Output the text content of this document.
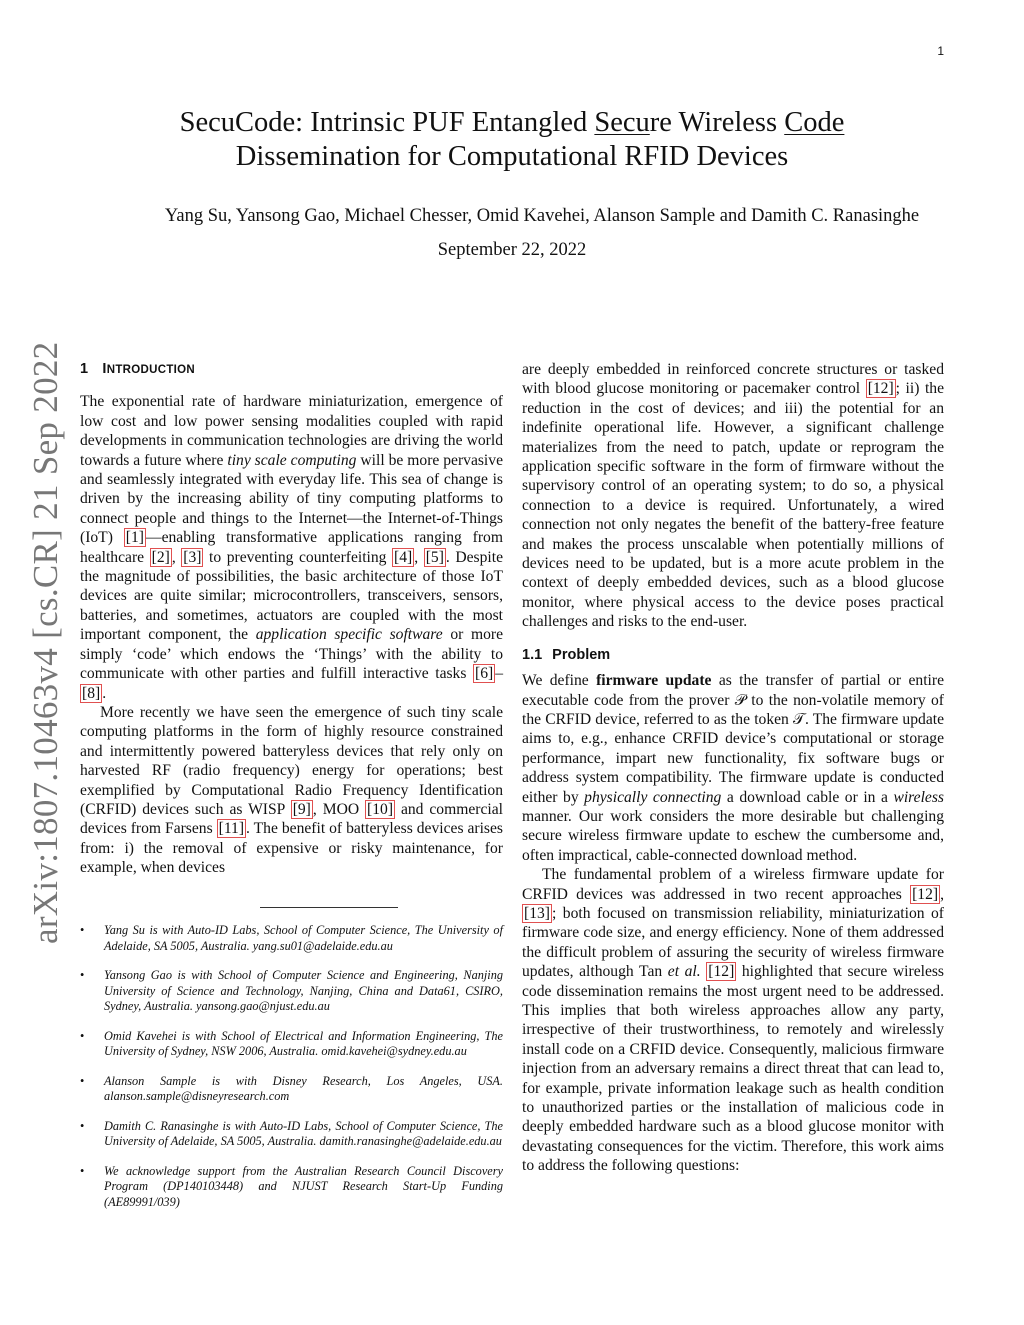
1
SecuCode: Intrinsic PUF Entangled Secure Wireless Code
Dissemination for Computational RFID Devices
Yang Su, Yansong Gao, Michael Chesser, Omid Kavehei, Alanson Sample and Damith C. Ranasinghe
September 22, 2022
arXiv:1807.10463v4 [cs.CR] 21 Sep 2022 1 INTRODUCTION

The exponential rate of hardware miniaturization, emergence of low cost and low power sensing modalities coupled with rapid developments in communication technologies are driving the world towards a future where tiny scale computing will be more pervasive and seamlessly integrated with everyday life. This sea of change is driven by the increasing ability of tiny computing platforms to connect people and things to the Internet—the Internet-of-Things (IoT) [1] —enabling transformative applications ranging from healthcare [2] , [3] to preventing counterfeiting [4] , [5] . Despite the magnitude of possibilities, the basic architecture of those IoT devices are quite similar; microcontrollers, transceivers, sensors, batteries, and sometimes, actuators are coupled with the most important component, the application specific software or more simply ‘code’ which endows the ‘Things’ with the ability to communicate with other parties and fulfill interactive tasks [6] –[8] .

More recently we have seen the emergence of such tiny scale computing platforms in the form of highly resource constrained and intermittently powered batteryless devices that rely only on harvested RF (radio frequency) energy for operations; best exemplified by Computational Radio Frequency Identification (CRFID) devices such as WISP [9] , MOO [10] and commercial devices from Farsens [11] . The benefit of batteryless devices arises from: i) the removal of expensive or risky maintenance, for example, when devices

are deeply embedded in reinforced concrete structures or tasked with blood glucose monitoring or pacemaker control [12] ; ii) the reduction in the cost of devices; and iii) the potential for an indefinite operational life. However, a significant challenge materializes from the need to patch, update or reprogram the application specific software in the form of firmware without the supervisory control of an operating system; to do so, a physical connection to a device is required. Unfortunately, a wired connection not only negates the benefit of the battery-free feature and makes the process unscalable when potentially millions of devices need to be updated, but is a more acute problem in the context of deeply embedded devices, such as a blood glucose monitor, where physical access to the device poses practical challenges and risks to the end-user.

1.1 Problem

We define firmware update as the transfer of partial or entire executable code from the prover 𝒫 to the non-volatile memory of the CRFID device, referred to as the token 𝒯. The firmware update aims to, e.g., enhance CRFID device’s computational or storage performance, impart new functionality, fix software bugs or address system compatibility. The firmware update is conducted either by physically connecting a download cable or in a wireless manner. Our work considers the more desirable but challenging secure wireless firmware update to eschew the cumbersome and, often impractical, cable-connected download method.

The fundamental problem of a wireless firmware update for CRFID devices was addressed in two recent approaches [12] , [13] ; both focused on transmission reliability, miniaturization of firmware code size, and energy efficiency. None of them addressed the difficult problem of assuring the security of wireless firmware updates, although Tan et al. [12] highlighted that secure wireless code dissemination remains the most urgent need to be addressed. This implies that both wireless approaches allow any party, irrespective of their trustworthiness, to remotely and wirelessly install code on a CRFID device. Consequently, malicious firmware injection from an adversary remains a direct threat that can lead to, for example, private information leakage such as health condition to unauthorized parties or the installation of malicious code in deeply embedded hardware such as a blood glucose monitor with devastating consequences for the victim. Therefore, this work aims to address the following questions:

• Yang Su is with Auto-ID Labs, School of Computer Science, The University of Adelaide, SA 5005, Australia. yang.su01@adelaide.edu.au
• Yansong Gao is with School of Computer Science and Engineering, Nanjing University of Science and Technology, Nanjing, China and Data61, CSIRO, Sydney, Australia. yansong.gao@njust.edu.au
• Omid Kavehei is with School of Electrical and Information Engineering, The University of Sydney, NSW 2006, Australia. omid.kavehei@sydney.edu.au
• Alanson Sample is with Disney Research, Los Angeles, USA. alanson.sample@disneyresearch.com
• Damith C. Ranasinghe is with Auto-ID Labs, School of Computer Science, The University of Adelaide, SA 5005, Australia. damith.ranasinghe@adelaide.edu.au
• We acknowledge support from the Australian Research Council Discovery Program (DP140103448) and NJUST Research Start-Up Funding (AE89991/039)
